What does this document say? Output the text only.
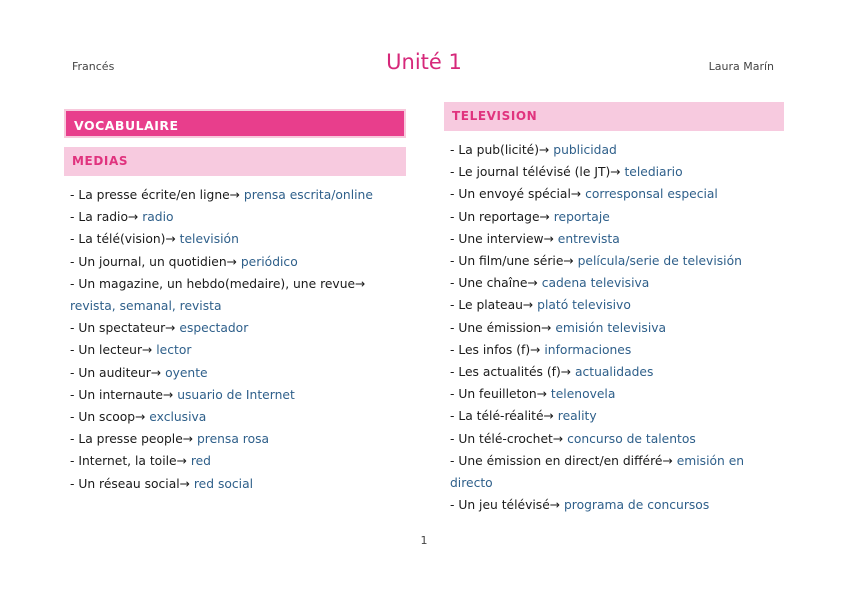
Francés	Unité 1	Laura Marín
VOCABULAIRE
MEDIAS
- La presse écrite/en ligne→ prensa escrita/online
- La radio→ radio
- La télé(vision)→ televisión
- Un journal, un quotidien→ periódico
- Un magazine, un hebdo(medaire), une revue→ revista, semanal, revista
- Un spectateur→ espectador
- Un lecteur→ lector
- Un auditeur→ oyente
- Un internaute→ usuario de Internet
- Un scoop→ exclusiva
- La presse people→ prensa rosa
- Internet, la toile→ red
- Un réseau social→ red social
TELEVISION
- La pub(licité)→ publicidad
- Le journal télévisé (le JT)→ telediario
- Un envoyé spécial→ corresponsal especial
- Un reportage→ reportaje
- Une interview→ entrevista
- Un film/une série→ película/serie de televisión
- Une chaîne→ cadena televisiva
- Le plateau→ plató televisivo
- Une émission→ emisión televisiva
- Les infos (f)→ informaciones
- Les actualités (f)→ actualidades
- Un feuilleton→ telenovela
- La télé-réalité→ reality
- Un télé-crochet→ concurso de talentos
- Une émission en direct/en différé→ emisión en directo
- Un jeu télévisé→ programa de concursos
1
